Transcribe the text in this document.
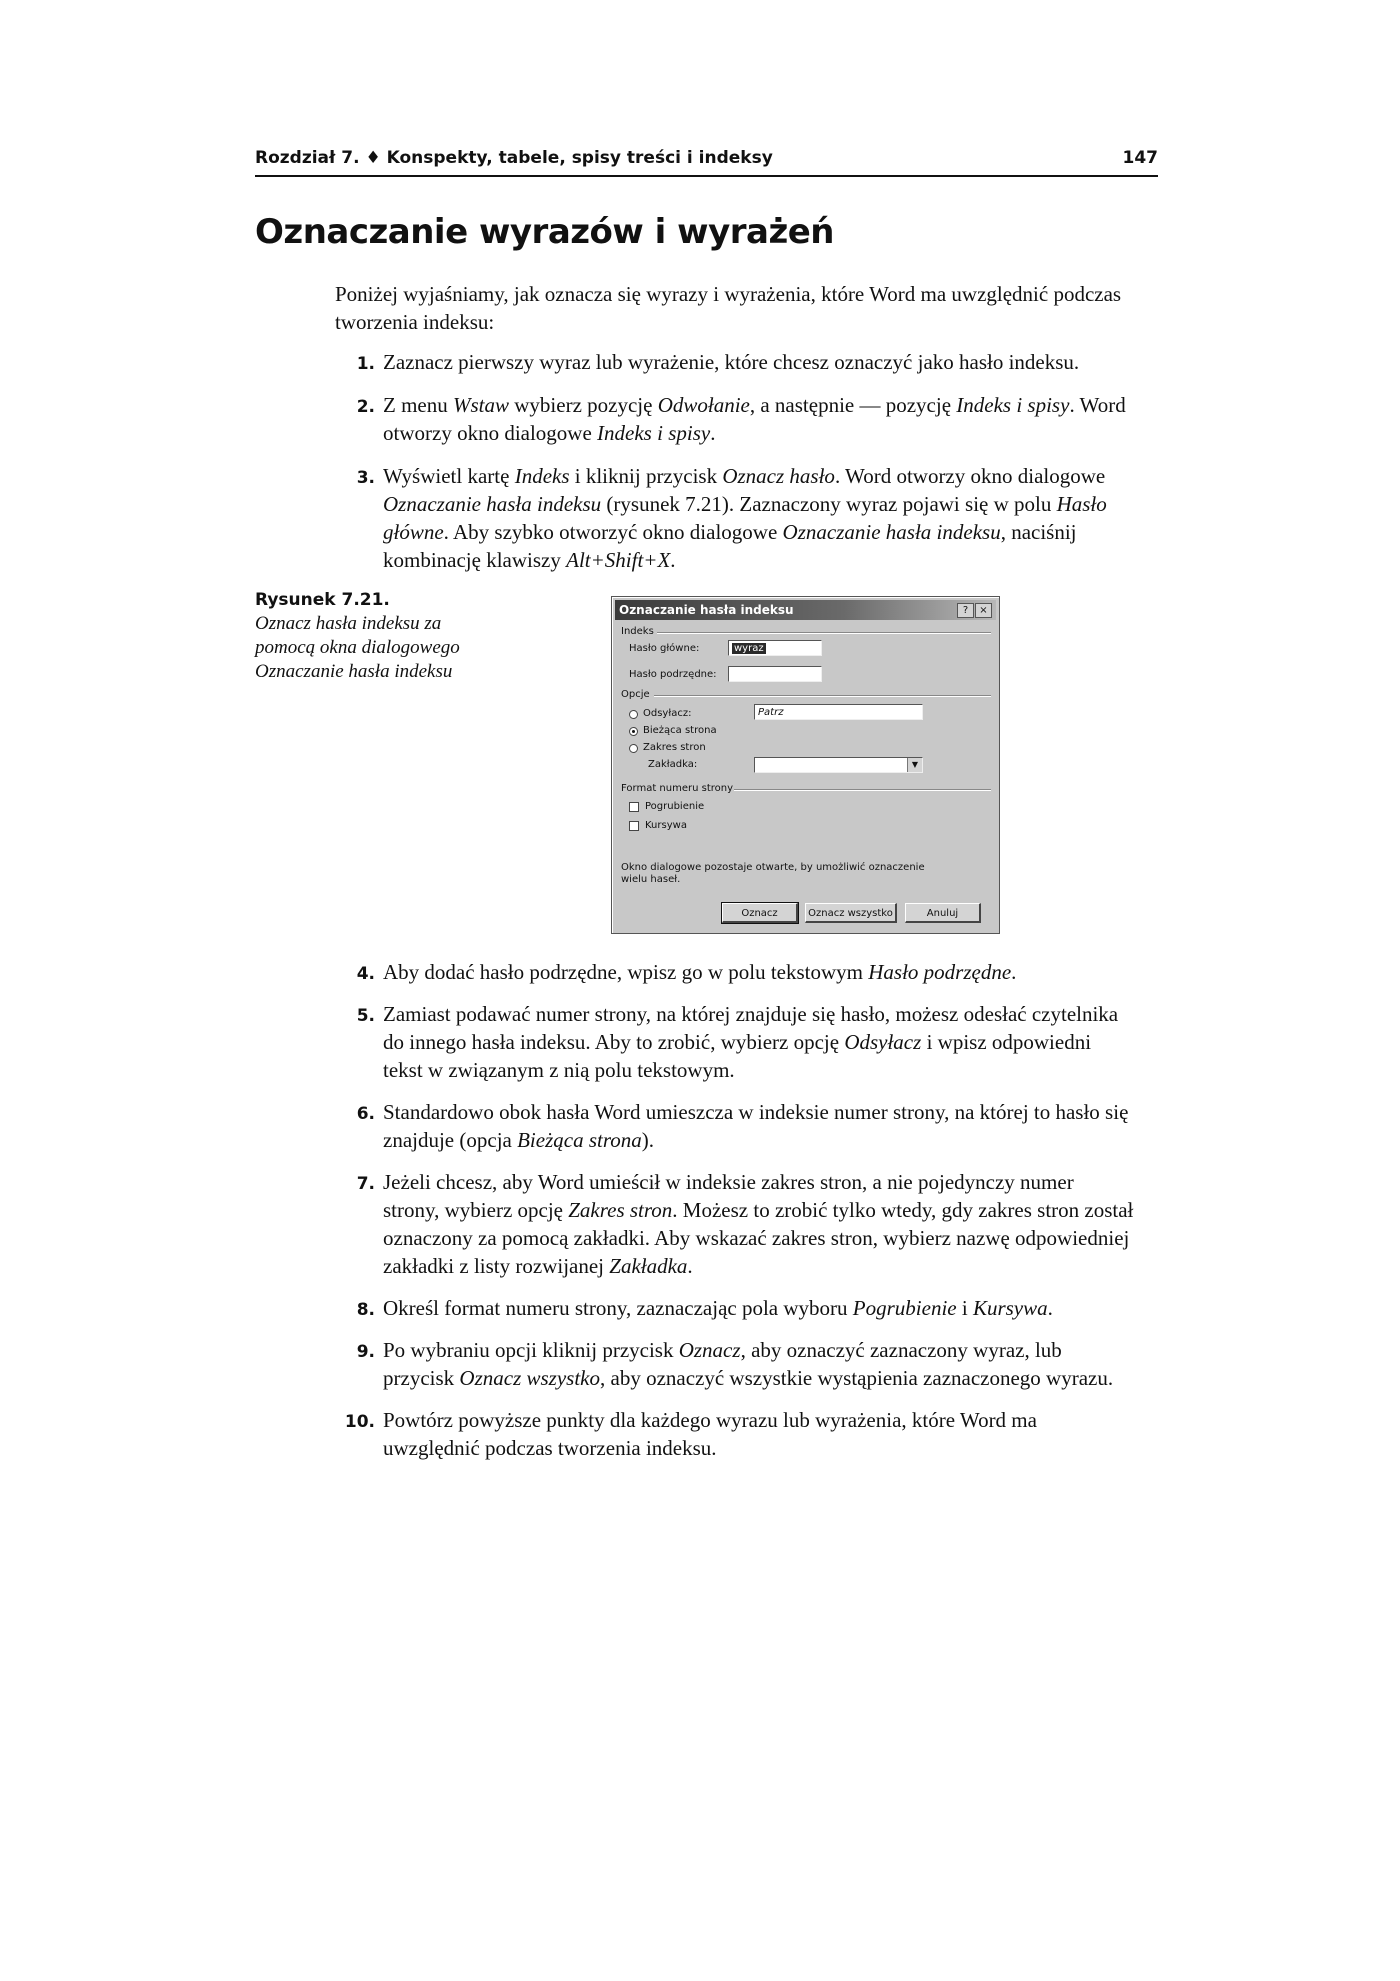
Rozdział 7. ♦ Konspekty, tabele, spisy treści i indeksy	147
Oznaczanie wyrazów i wyrażeń

Poniżej wyjaśniamy, jak oznacza się wyrazy i wyrażenia, które Word ma uwzględnić podczas tworzenia indeksu:

1. Zaznacz pierwszy wyraz lub wyrażenie, które chcesz oznaczyć jako hasło indeksu.
2. Z menu Wstaw wybierz pozycję Odwołanie, a następnie — pozycję Indeks i spisy. Word otworzy okno dialogowe Indeks i spisy.
3. Wyświetl kartę Indeks i kliknij przycisk Oznacz hasło. Word otworzy okno dialogowe Oznaczanie hasła indeksu (rysunek 7.21). Zaznaczony wyraz pojawi się w polu Hasło główne. Aby szybko otworzyć okno dialogowe Oznaczanie hasła indeksu, naciśnij kombinację klawiszy Alt+Shift+X.

Rysunek 7.21.

Oznacz hasła indeksu za pomocą okna dialogowego Oznaczanie hasła indeksu

Oznaczanie hasła indeksu	?	×
Indeks
Hasło główne:	wyraz
Hasło podrzędne:
Opcje
Odsyłacz:	Patrz
Bieżąca strona
Zakres stron
Zakładka:	▼
Format numeru strony
Pogrubienie
Kursywa
Okno dialogowe pozostaje otwarte, by umożliwić oznaczenie wielu haseł.
Oznacz	Oznacz wszystko	Anuluj
4. Aby dodać hasło podrzędne, wpisz go w polu tekstowym Hasło podrzędne.
5. Zamiast podawać numer strony, na której znajduje się hasło, możesz odesłać czytelnika do innego hasła indeksu. Aby to zrobić, wybierz opcję Odsyłacz i wpisz odpowiedni tekst w związanym z nią polu tekstowym.
6. Standardowo obok hasła Word umieszcza w indeksie numer strony, na której to hasło się znajduje (opcja Bieżąca strona).
7. Jeżeli chcesz, aby Word umieścił w indeksie zakres stron, a nie pojedynczy numer strony, wybierz opcję Zakres stron. Możesz to zrobić tylko wtedy, gdy zakres stron został oznaczony za pomocą zakładki. Aby wskazać zakres stron, wybierz nazwę odpowiedniej zakładki z listy rozwijanej Zakładka.
8. Określ format numeru strony, zaznaczając pola wyboru Pogrubienie i Kursywa.
9. Po wybraniu opcji kliknij przycisk Oznacz, aby oznaczyć zaznaczony wyraz, lub przycisk Oznacz wszystko, aby oznaczyć wszystkie wystąpienia zaznaczonego wyrazu.
10. Powtórz powyższe punkty dla każdego wyrazu lub wyrażenia, które Word ma uwzględnić podczas tworzenia indeksu.
